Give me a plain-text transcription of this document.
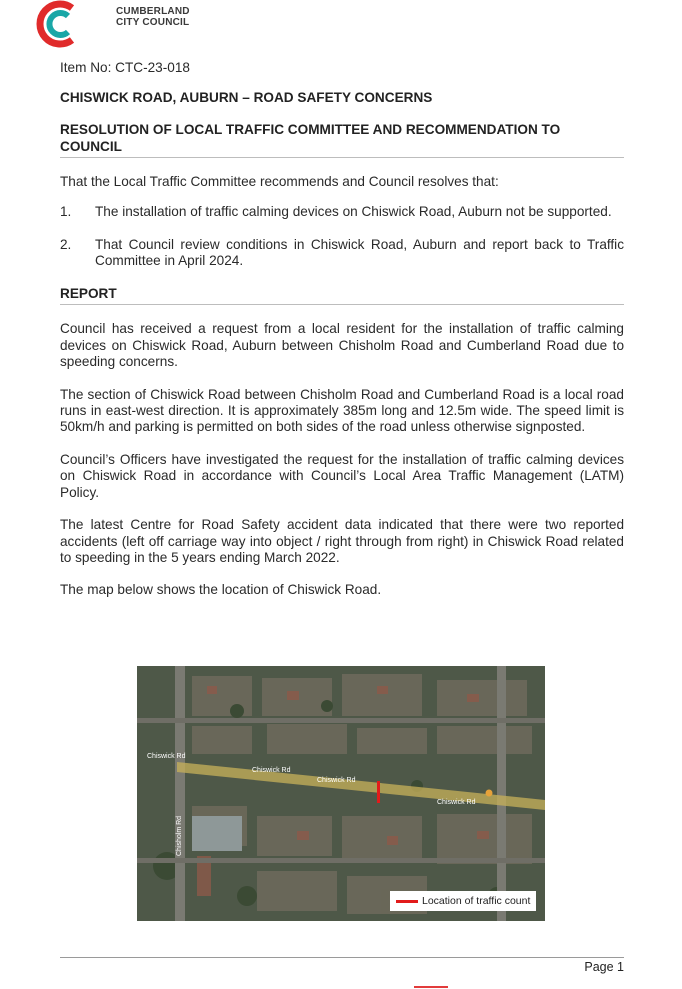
CUMBERLAND
CITY COUNCIL

Item No: CTC-23-018

CHISWICK ROAD, AUBURN – ROAD SAFETY CONCERNS
RESOLUTION OF LOCAL TRAFFIC COMMITTEE AND RECOMMENDATION TO COUNCIL

That the Local Traffic Committee recommends and Council resolves that:

1. The installation of traffic calming devices on Chiswick Road, Auburn not be supported.
2. That Council review conditions in Chiswick Road, Auburn and report back to Traffic Committee in April 2024.
REPORT

Council has received a request from a local resident for the installation of traffic calming devices on Chiswick Road, Auburn between Chisholm Road and Cumberland Road due to speeding concerns.

The section of Chiswick Road between Chisholm Road and Cumberland Road is a local road runs in east-west direction. It is approximately 385m long and 12.5m wide. The speed limit is 50km/h and parking is permitted on both sides of the road unless otherwise signposted.

Council’s Officers have investigated the request for the installation of traffic calming devices on Chiswick Road in accordance with Council’s Local Area Traffic Management (LATM) Policy.

The latest Centre for Road Safety accident data indicated that there were two reported accidents (left off carriage way into object / right through from right) in Chiswick Road related to speeding in the 5 years ending March 2022.

The map below shows the location of Chiswick Road.

Chiswick Rd
Chiswick Rd
Chiswick Rd
Chiswick Rd
Chisholm Rd
Location of traffic count
Page 1
